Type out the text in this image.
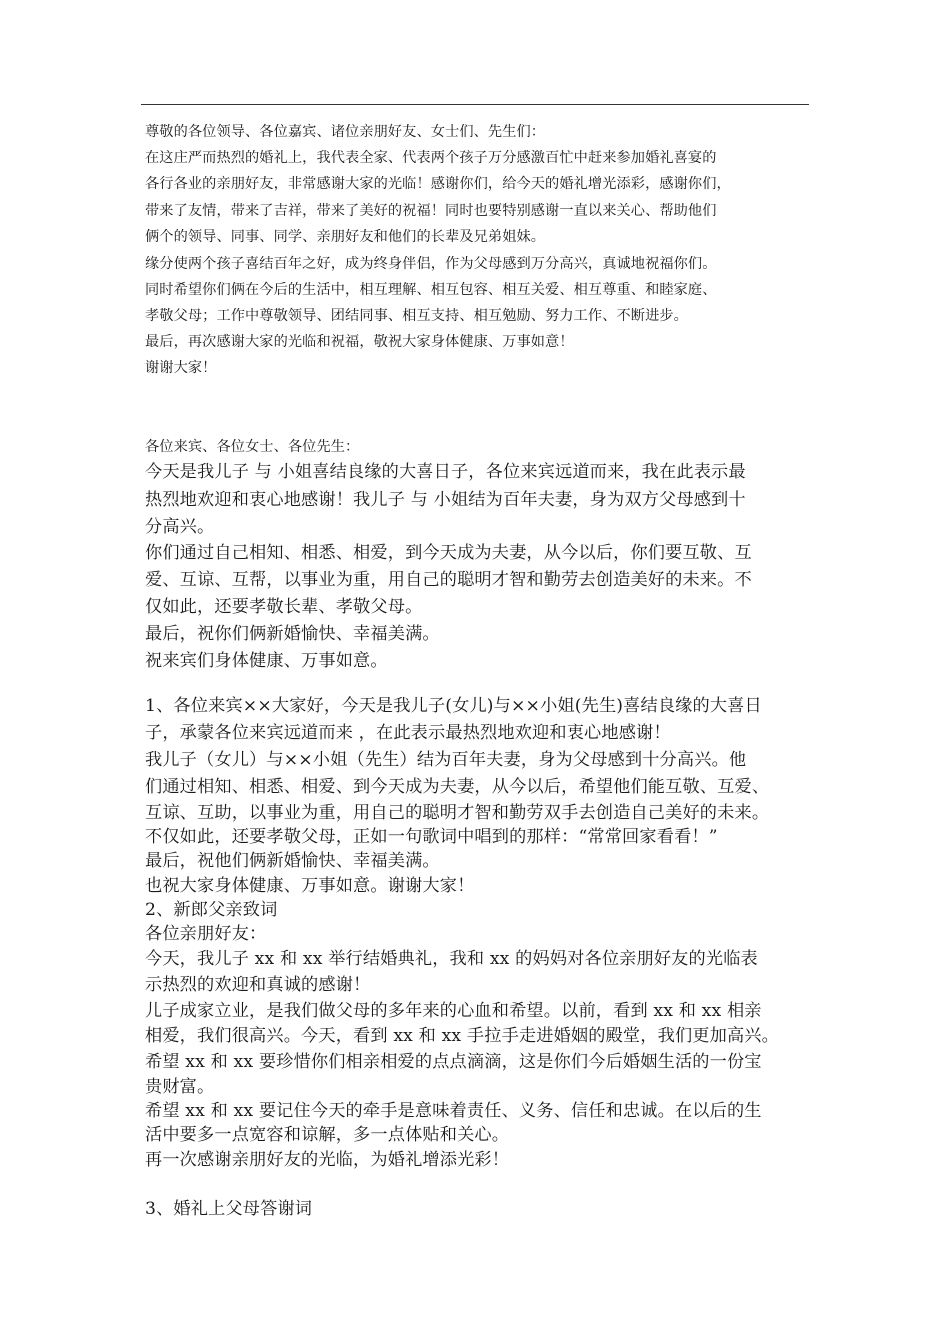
尊敬的各位领导、各位嘉宾、诸位亲朋好友、女士们、先生们：
在这庄严而热烈的婚礼上，我代表全家、代表两个孩子万分感激百忙中赶来参加婚礼喜宴的
各行各业的亲朋好友，非常感谢大家的光临！感谢你们，给今天的婚礼增光添彩，感谢你们，
带来了友情，带来了吉祥，带来了美好的祝福！同时也要特别感谢一直以来关心、帮助他们
俩个的领导、同事、同学、亲朋好友和他们的长辈及兄弟姐妹。
缘分使两个孩子喜结百年之好，成为终身伴侣，作为父母感到万分高兴，真诚地祝福你们。
同时希望你们俩在今后的生活中，相互理解、相互包容、相互关爱、相互尊重、和睦家庭、
孝敬父母；工作中尊敬领导、团结同事、相互支持、相互勉励、努力工作、不断进步。
最后，再次感谢大家的光临和祝福，敬祝大家身体健康、万事如意！
谢谢大家！
各位来宾、各位女士、各位先生：
今天是我儿子 与 小姐喜结良缘的大喜日子，各位来宾远道而来，我在此表示最
热烈地欢迎和衷心地感谢！我儿子 与 小姐结为百年夫妻，身为双方父母感到十
分高兴。
你们通过自己相知、相悉、相爱，到今天成为夫妻，从今以后，你们要互敬、互
爱、互谅、互帮，以事业为重，用自己的聪明才智和勤劳去创造美好的未来。不
仅如此，还要孝敬长辈、孝敬父母。
最后，祝你们俩新婚愉快、幸福美满。
祝来宾们身体健康、万事如意。
1、各位来宾××大家好，今天是我儿子(女儿)与××小姐(先生)喜结良缘的大喜日
子，承蒙各位来宾远道而来 ，在此表示最热烈地欢迎和衷心地感谢！
我儿子（女儿）与××小姐（先生）结为百年夫妻，身为父母感到十分高兴。他
们通过相知、相悉、相爱、到今天成为夫妻，从今以后，希望他们能互敬、互爱、
互谅、互助，以事业为重，用自己的聪明才智和勤劳双手去创造自己美好的未来。
不仅如此，还要孝敬父母，正如一句歌词中唱到的那样：“常常回家看看！”
最后，祝他们俩新婚愉快、幸福美满。
也祝大家身体健康、万事如意。谢谢大家！
2、新郎父亲致词
各位亲朋好友：
今天，我儿子 xx 和 xx 举行结婚典礼，我和 xx 的妈妈对各位亲朋好友的光临表
示热烈的欢迎和真诚的感谢！
儿子成家立业，是我们做父母的多年来的心血和希望。以前，看到 xx 和 xx 相亲
相爱，我们很高兴。今天，看到 xx 和 xx 手拉手走进婚姻的殿堂，我们更加高兴。
希望 xx 和 xx 要珍惜你们相亲相爱的点点滴滴，这是你们今后婚姻生活的一份宝
贵财富。
希望 xx 和 xx 要记住今天的牵手是意味着责任、义务、信任和忠诚。在以后的生
活中要多一点宽容和谅解，多一点体贴和关心。
再一次感谢亲朋好友的光临，为婚礼增添光彩！
3、婚礼上父母答谢词
